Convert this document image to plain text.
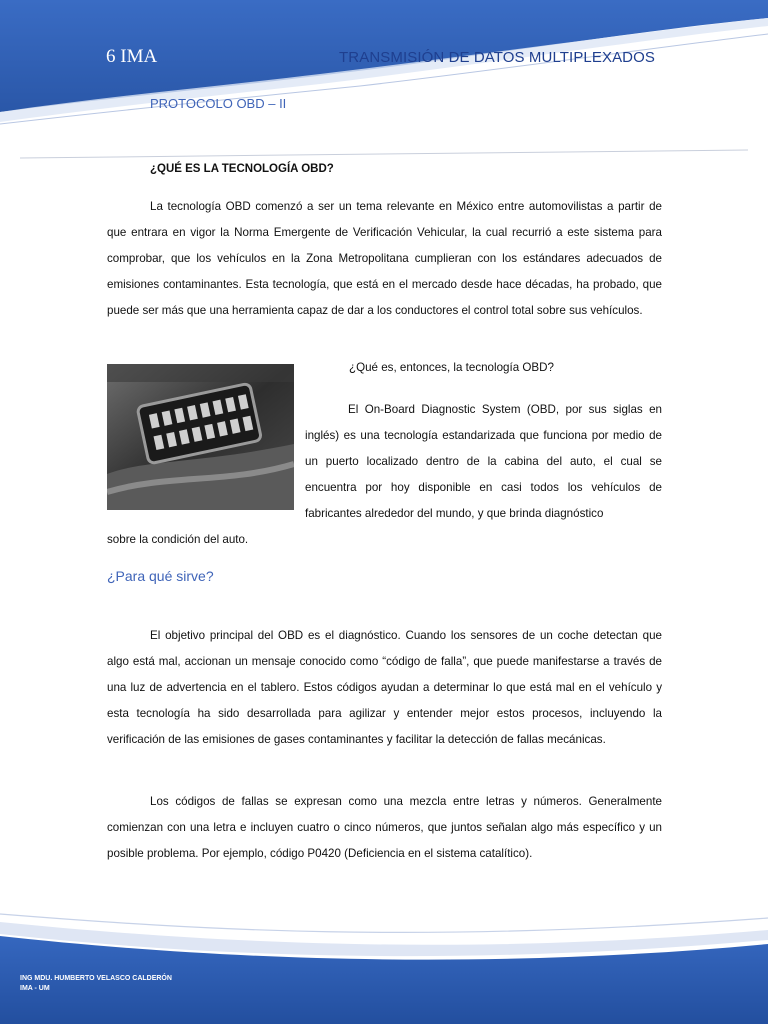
6 IMA	TRANSMISIÓN DE DATOS MULTIPLEXADOS
PROTOCOLO OBD – II
¿QUÉ ES LA TECNOLOGÍA OBD?
La tecnología OBD comenzó a ser un tema relevante en México entre automovilistas a partir de que entrara en vigor la Norma Emergente de Verificación Vehicular, la cual recurrió a este sistema para comprobar, que los vehículos en la Zona Metropolitana cumplieran con los estándares adecuados de emisiones contaminantes. Esta tecnología, que está en el mercado desde hace décadas, ha probado, que puede ser más que una herramienta capaz de dar a los conductores el control total sobre sus vehículos.
¿Qué es, entonces, la tecnología OBD?
El On-Board Diagnostic System (OBD, por sus siglas en inglés) es una tecnología estandarizada que funciona por medio de un puerto localizado dentro de la cabina del auto, el cual se encuentra por hoy disponible en casi todos los vehículos de fabricantes alrededor del mundo, y que brinda diagnóstico
sobre la condición del auto.
¿Para qué sirve?
El objetivo principal del OBD es el diagnóstico. Cuando los sensores de un coche detectan que algo está mal, accionan un mensaje conocido como “código de falla”, que puede manifestarse a través de una luz de advertencia en el tablero. Estos códigos ayudan a determinar lo que está mal en el vehículo y esta tecnología ha sido desarrollada para agilizar y entender mejor estos procesos, incluyendo la verificación de las emisiones de gases contaminantes y facilitar la detección de fallas mecánicas.
Los códigos de fallas se expresan como una mezcla entre letras y números. Generalmente comienzan con una letra e incluyen cuatro o cinco números, que juntos señalan algo más específico y un posible problema. Por ejemplo, código P0420 (Deficiencia en el sistema catalítico).
ING MDU. HUMBERTO VELASCO CALDERÓN
IMA - UM
